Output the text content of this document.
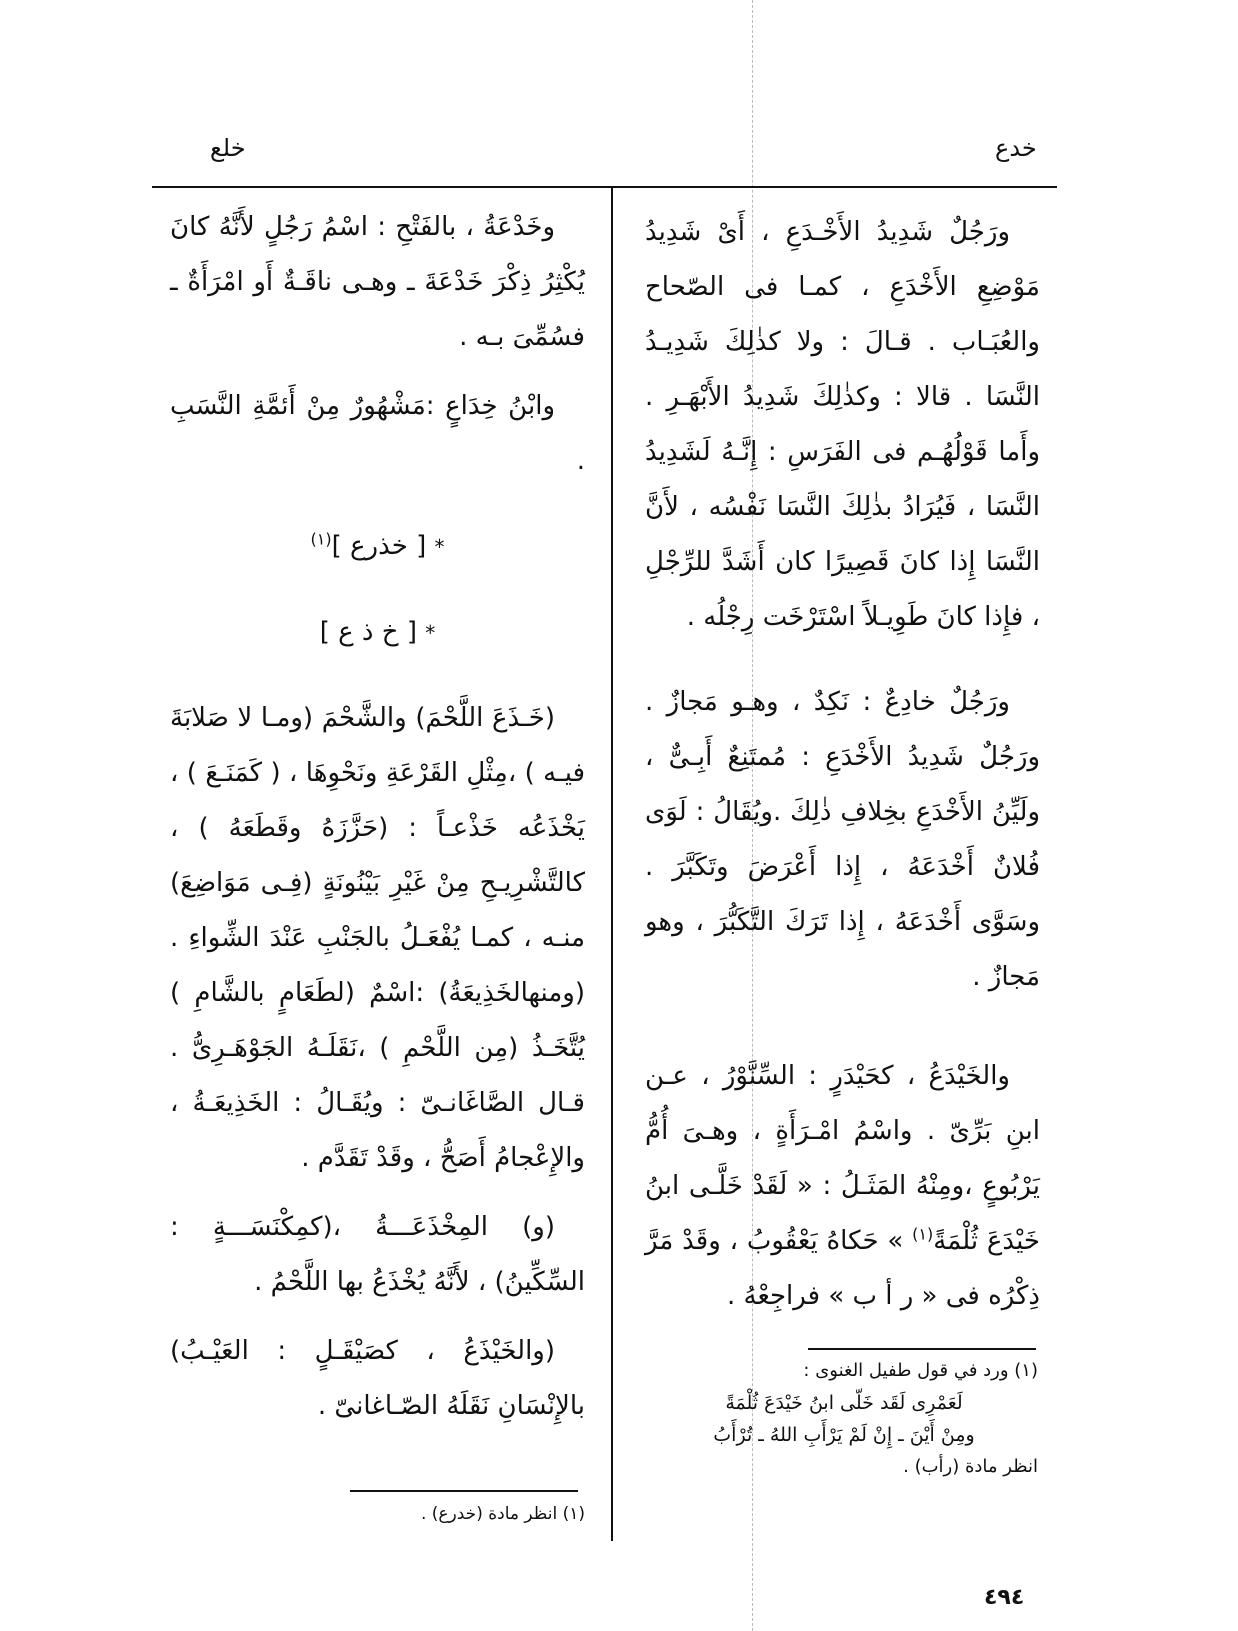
خدع
خلع

ورَجُلٌ شَدِيدُ الأَخْـدَعِ ، أَىْ شَدِيدُ مَوْضِعِ الأَخْدَعِ ، كمـا فى الصّحاح والعُبَـاب . قـالَ : ولا كذٰلِكَ شَدِيـدُ النَّسَا . قالا : وكذٰلِكَ شَدِيدُ الأَبْهَـرِ . وأَما قَوْلُهُـم فى الفَرَسِ : إِنَّـهُ لَشَدِيدُ النَّسَا ، فَيُرَادُ بذٰلِكَ النَّسَا نَفْسُه ، لأَنَّ النَّسَا إِذا كانَ قَصِيرًا كان أَشَدَّ للرِّجْلِ ، فإِذا كانَ طَوِيـلاً اسْتَرْخَت رِجْلُه .

ورَجُلٌ خادِعٌ : نَكِدٌ ، وهـو مَجازٌ . ورَجُلٌ شَدِيدُ الأَخْدَعِ : مُمتَنِعٌ أَبِـىٌّ ، ولَيِّنُ الأَخْدَعِ بخِلافِ ذٰلِكَ .ويُقَالُ : لَوَى فُلانٌ أَخْدَعَهُ ، إِذا أَعْرَضَ وتَكَبَّرَ . وسَوَّى أَخْدَعَهُ ، إِذا تَرَكَ التَّكَبُّرَ ، وهو مَجازٌ .

والخَيْدَعُ ، كحَيْدَرٍ : السِّنَّوْرُ ، عـن ابنِ بَرِّىّ . واسْمُ امْـرَأَةٍ ، وهـىَ أُمُّ يَرْبُوعٍ ،ومِنْهُ المَثَـلُ : « لَقَدْ خَلَّـى ابنُ خَيْدَعَ ثُلْمَةً$^{(١)}$ » حَكاهُ يَعْقُوبُ ، وقَدْ مَرَّ ذِكْرُه فى « ر أ ب » فراجِعْهُ .

وخَدْعَةُ ، بالفَتْحِ : اسْمُ رَجُلٍ لأَنَّهُ كانَ يُكْثِرُ ذِكْرَ خَدْعَةَ ـ وهـى ناقَـةٌ أَو امْرَأَةٌ ـ فسُمِّىَ بـه .

وابْنُ خِدَاعٍ :مَشْهُورٌ مِنْ أَئمَّةِ النَّسَبِ .

* [ خذرع ]$^{(١)}$

* [ خ ذ ع ]

(خَـذَعَ اللَّحْمَ) والشَّحْمَ (ومـا لا صَلابَةَ فيـه ) ،مِثْلِ القَرْعَةِ ونَحْوِهَا ، ( كَمَنَـعَ ) ، يَخْذَعُه خَذْعـاً : (حَزَّزَهُ وقَطَعَهُ ) ، كالتَّشْرِيـحِ مِنْ غَيْرِ بَيْنُونَةٍ (فِـى مَوَاضِعَ) منـه ، كمـا يُفْعَـلُ بالجَنْبِ عَنْدَ الشِّواءِ . (ومنهالخَذِيعَةُ) :اسْمٌ (لطَعَامٍ بالشَّامِ ) يُتَّخَـذُ (مِن اللَّحْمِ ) ،نَقَلَـهُ الجَوْهَـرِىُّ . قـال الصَّاغَانـىّ : ويُقَـالُ : الخَذِيعَـةُ ، والإِعْجامُ أَصَحُّ ، وقَدْ تَقَدَّم .

(و) المِخْذَعَـــةُ ،(كمِكْنَسَـــةٍ : السِّكِّينُ) ، لأَنَّهُ يُخْذَعُ بها اللَّحْمُ .

(والخَيْذَعُ ، كصَيْقَـلٍ : العَيْـبُ) بالإِنْسَانِ نَقَلَهُ الصّـاغانىّ .

(١) ورد في قول طفيل الغنوى :
لَعَمْرِى لَقَد خَلّى ابنُ خَيْدَعَ ثُلْمَةً
ومِنْ أَيْنَ ـ إِنْ لَمْ يَرْأَبِ اللهُ ـ تُرْأَبُ
انظر مادة (رأب) .
(١) انظر مادة (خدرع) .
٤٩٤
